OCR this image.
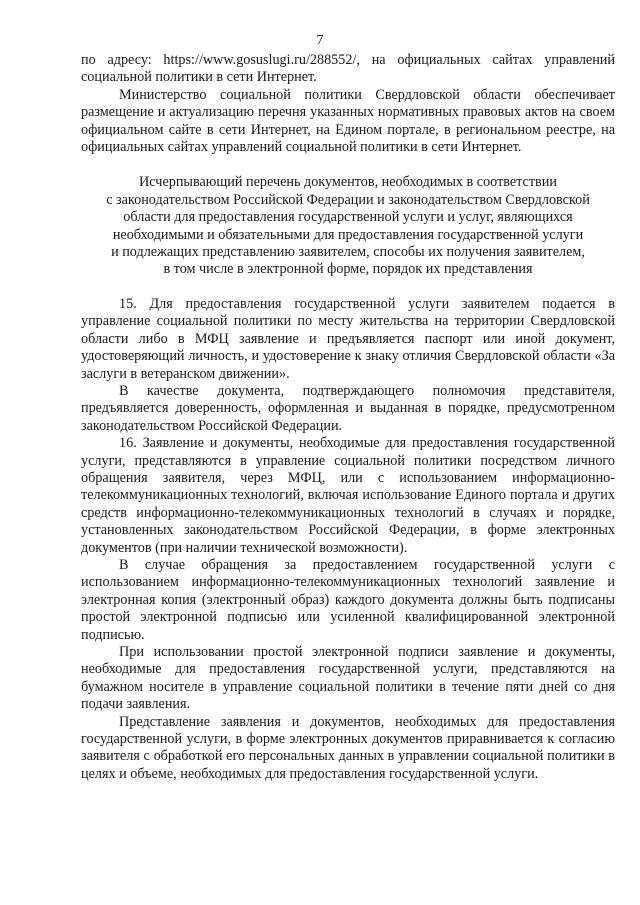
7

по адресу: https://www.gosuslugi.ru/288552/, на официальных сайтах управлений социальной политики в сети Интернет.

Министерство социальной политики Свердловской области обеспечивает размещение и актуализацию перечня указанных нормативных правовых актов на своем официальном сайте в сети Интернет, на Едином портале, в региональном реестре, на официальных сайтах управлений социальной политики в сети Интернет.

Исчерпывающий перечень документов, необходимых в соответствии

с законодательством Российской Федерации и законодательством Свердловской

области для предоставления государственной услуги и услуг, являющихся

необходимыми и обязательными для предоставления государственной услуги

и подлежащих представлению заявителем, способы их получения заявителем,

в том числе в электронной форме, порядок их представления

15. Для предоставления государственной услуги заявителем подается в управление социальной политики по месту жительства на территории Свердловской области либо в МФЦ заявление и предъявляется паспорт или иной документ, удостоверяющий личность, и удостоверение к знаку отличия Свердловской области «За заслуги в ветеранском движении».

В качестве документа, подтверждающего полномочия представителя, предъявляется доверенность, оформленная и выданная в порядке, предусмотренном законодательством Российской Федерации.

16. Заявление и документы, необходимые для предоставления государственной услуги, представляются в управление социальной политики посредством личного обращения заявителя, через МФЦ, или с использованием информационно-телекоммуникационных технологий, включая использование Единого портала и других средств информационно-телекоммуникационных технологий в случаях и порядке, установленных законодательством Российской Федерации, в форме электронных документов (при наличии технической возможности).

В случае обращения за предоставлением государственной услуги с использованием информационно-телекоммуникационных технологий заявление и электронная копия (электронный образ) каждого документа должны быть подписаны простой электронной подписью или усиленной квалифицированной электронной подписью.

При использовании простой электронной подписи заявление и документы, необходимые для предоставления государственной услуги, представляются на бумажном носителе в управление социальной политики в течение пяти дней со дня подачи заявления.

Представление заявления и документов, необходимых для предоставления государственной услуги, в форме электронных документов приравнивается к согласию заявителя с обработкой его персональных данных в управлении социальной политики в целях и объеме, необходимых для предоставления государственной услуги.
